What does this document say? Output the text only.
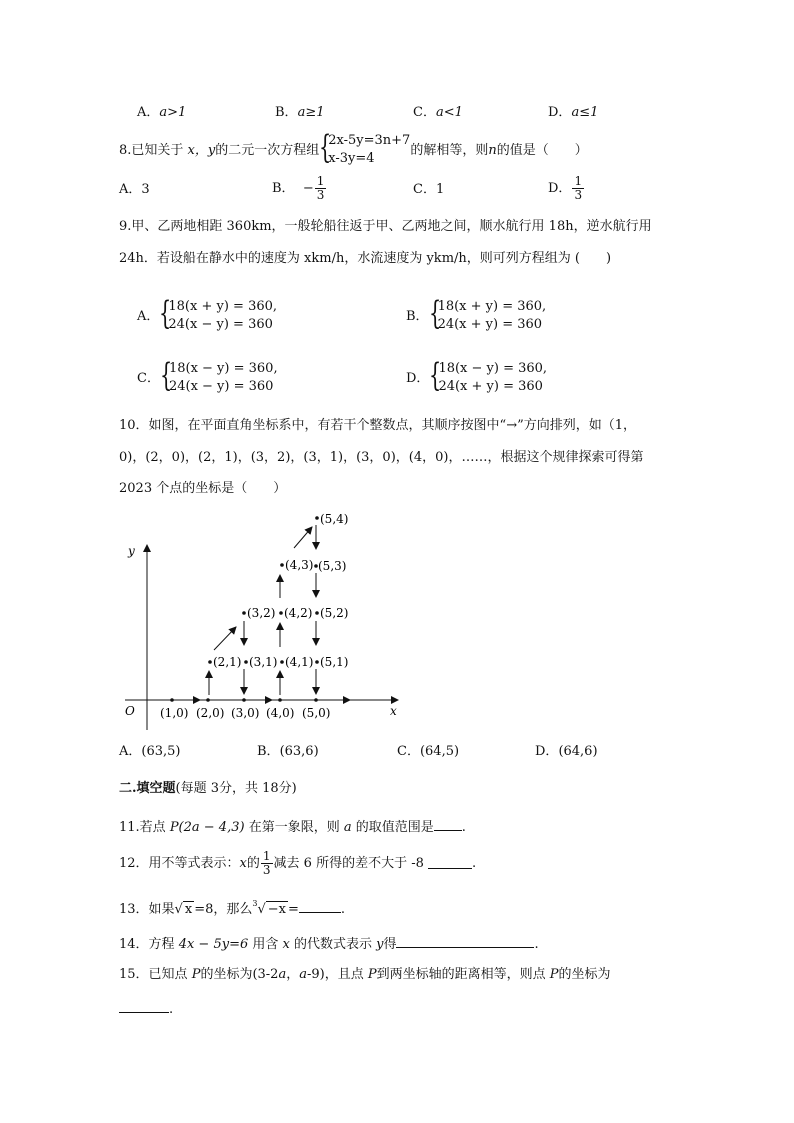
A．a>1	B．a≥1	C．a<1	D．a≤1
8.已知关于
x，y 的二元一次方程组 {
2x-5y=3n+7
x-3y=4
的解相等，则 n 的值是（　　）
A．3	B．
− $\frac{1}{3}$	C．1	D． $\frac{1}{3}$
9.甲、乙两地相距 360km，一般轮船往返于甲、乙两地之间，顺水航行用 18h，逆水航行用
24h．若设船在静水中的速度为 xkm/h，水流速度为 ykm/h，则可列方程组为 (　　)
A． {
18(x + y) = 360,
24(x − y) = 360
B． {
18(x + y) = 360,
24(x + y) = 360
C． {
18(x − y) = 360,
24(x − y) = 360
D． {
18(x − y) = 360,
24(x + y) = 360
10．如图，在平面直角坐标系中，有若干个整数点，其顺序按图中“→”方向排列，如（1，
0)，(2，0)，(2，1)，(3，2)，(3，1)，(3，0)，(4，0)，……，根据这个规律探索可得第
2023 个点的坐标是（　　）
x
y
O (1,0) (2,0) (3,0) (4,0) (5,0)
(2,1) (3,1) (4,1) (5,1)
(3,2) (4,2) (5,2)
(4,3) (5,3)
(5,4)
A．(63,5)	B．(63,6)	C．(64,5)	D．(64,6)
二.填空题(每题 3分，共 18分)
11.若点 P(2a − 4,3) 在第一象限，则 a 的取值范围是 .
12．用不等式表示： x 的 $\frac{1}{3}$ 减去 6 所得的差不大于 -8
	.
13．如果√ x =8，那么$^3$√ −x =	.
14．方程 4x − 5y=6 用含 x 的代数式表示 y得	.
15．已知点 P的坐标为(3-2a，a-9)，且点 P到两坐标轴的距离相等，则点 P的坐标为
.
